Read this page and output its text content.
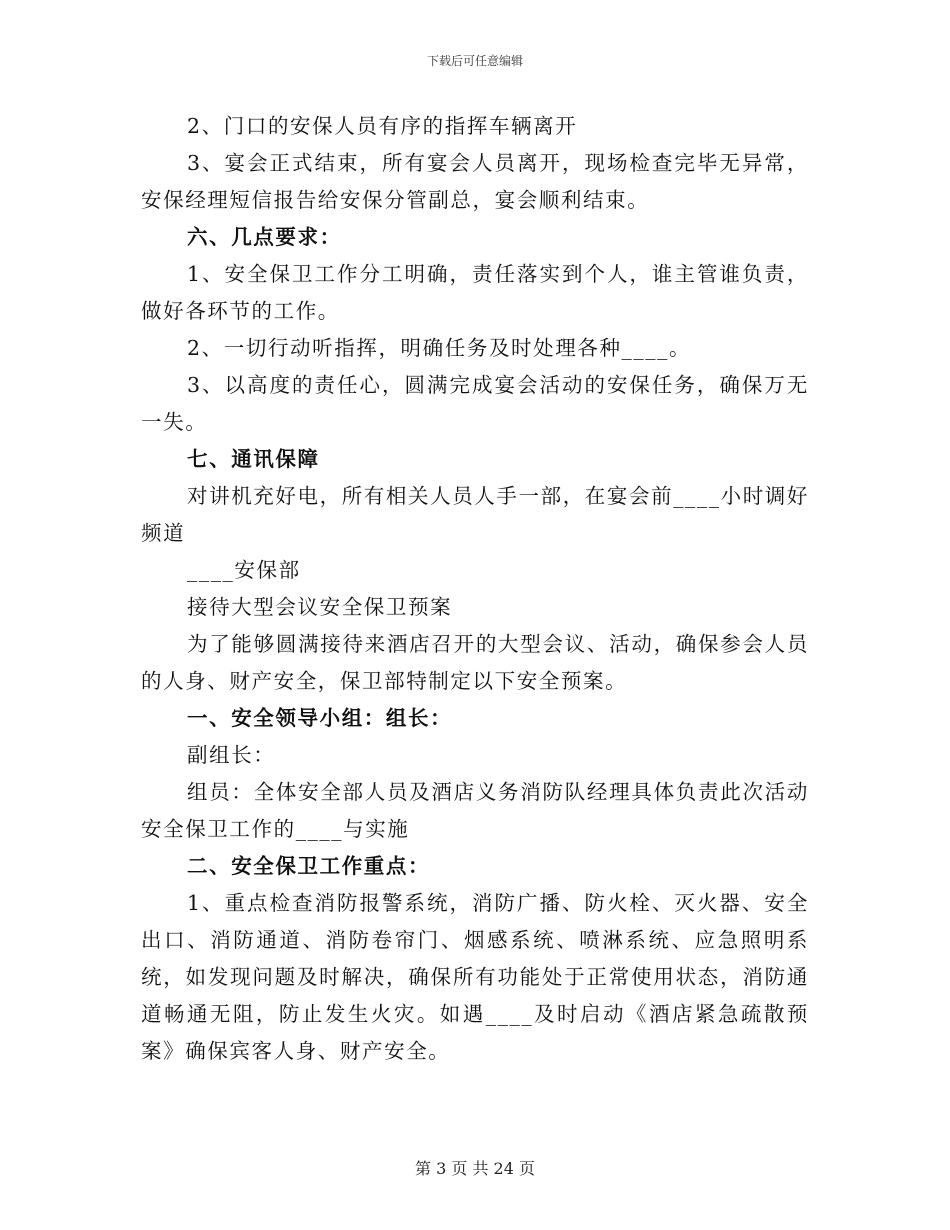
下载后可任意编辑

2、门口的安保人员有序的指挥车辆离开

3、宴会正式结束，所有宴会人员离开，现场检查完毕无异常，安保经理短信报告给安保分管副总，宴会顺利结束。

六、几点要求：

1、安全保卫工作分工明确，责任落实到个人，谁主管谁负责，做好各环节的工作。

2、一切行动听指挥，明确任务及时处理各种____。

3、以高度的责任心，圆满完成宴会活动的安保任务，确保万无一失。

七、通讯保障

对讲机充好电，所有相关人员人手一部，在宴会前____小时调好频道

____安保部

接待大型会议安全保卫预案

为了能够圆满接待来酒店召开的大型会议、活动，确保参会人员的人身、财产安全，保卫部特制定以下安全预案。

一、安全领导小组：组长：

副组长：

组员：全体安全部人员及酒店义务消防队经理具体负责此次活动安全保卫工作的____与实施

二、安全保卫工作重点：

1、重点检查消防报警系统，消防广播、防火栓、灭火器、安全出口、消防通道、消防卷帘门、烟感系统、喷淋系统、应急照明系统，如发现问题及时解决，确保所有功能处于正常使用状态，消防通道畅通无阻，防止发生火灾。如遇____及时启动《酒店紧急疏散预案》确保宾客人身、财产安全。

第 3 页 共 24 页
